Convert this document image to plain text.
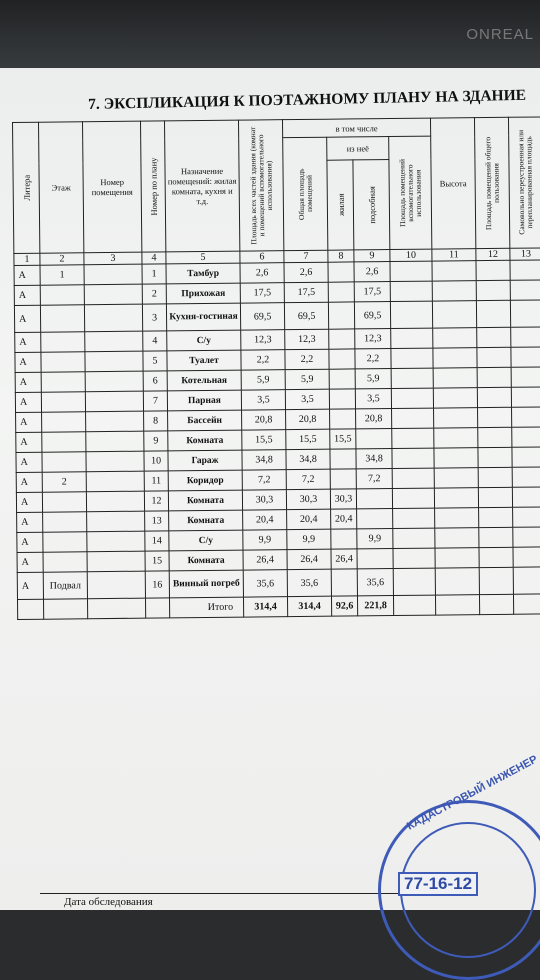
ONREAL
7. ЭКСПЛИКАЦИЯ К ПОЭТАЖНОМУ ПЛАНУ НА ЗДАНИЕ
Литера	Этаж	Номер помещения	Номер по плану	Назначение помещений: жилая комната, кухня и т.д.	Площадь всех частей здания (комнат и помещений вспомогательного использования)	в том числе				Высота	Площадь помещений общего пользования	Самовольно переустроенная или перепланированная площадь

						Общая площадь помещений	из неё		Площадь помещений вспомогательного использования			

							жилая	подсобная				

1	2	3	4	5	6	7	8	9	10	11	12	13
А	1		1	Тамбур	2,6	2,6		2,6				
А			2	Прихожая	17,5	17,5		17,5				
А			3	Кухня-гостиная	69,5	69,5		69,5				
А			4	С/у	12,3	12,3		12,3				
А			5	Туалет	2,2	2,2		2,2				
А			6	Котельная	5,9	5,9		5,9				
А			7	Парная	3,5	3,5		3,5				
А			8	Бассейн	20,8	20,8		20,8				
А			9	Комната	15,5	15,5	15,5					
А			10	Гараж	34,8	34,8		34,8				
А	2		11	Коридор	7,2	7,2		7,2				
А			12	Комната	30,3	30,3	30,3					
А			13	Комната	20,4	20,4	20,4					
А			14	С/у	9,9	9,9		9,9				
А			15	Комната	26,4	26,4	26,4					
А	Подвал		16	Винный погреб	35,6	35,6		35,6				
				Итого	314,4	314,4	92,6	221,8				
Дата обследования
КАДАСТРОВЫЙ ИНЖЕНЕР
77-16-12
